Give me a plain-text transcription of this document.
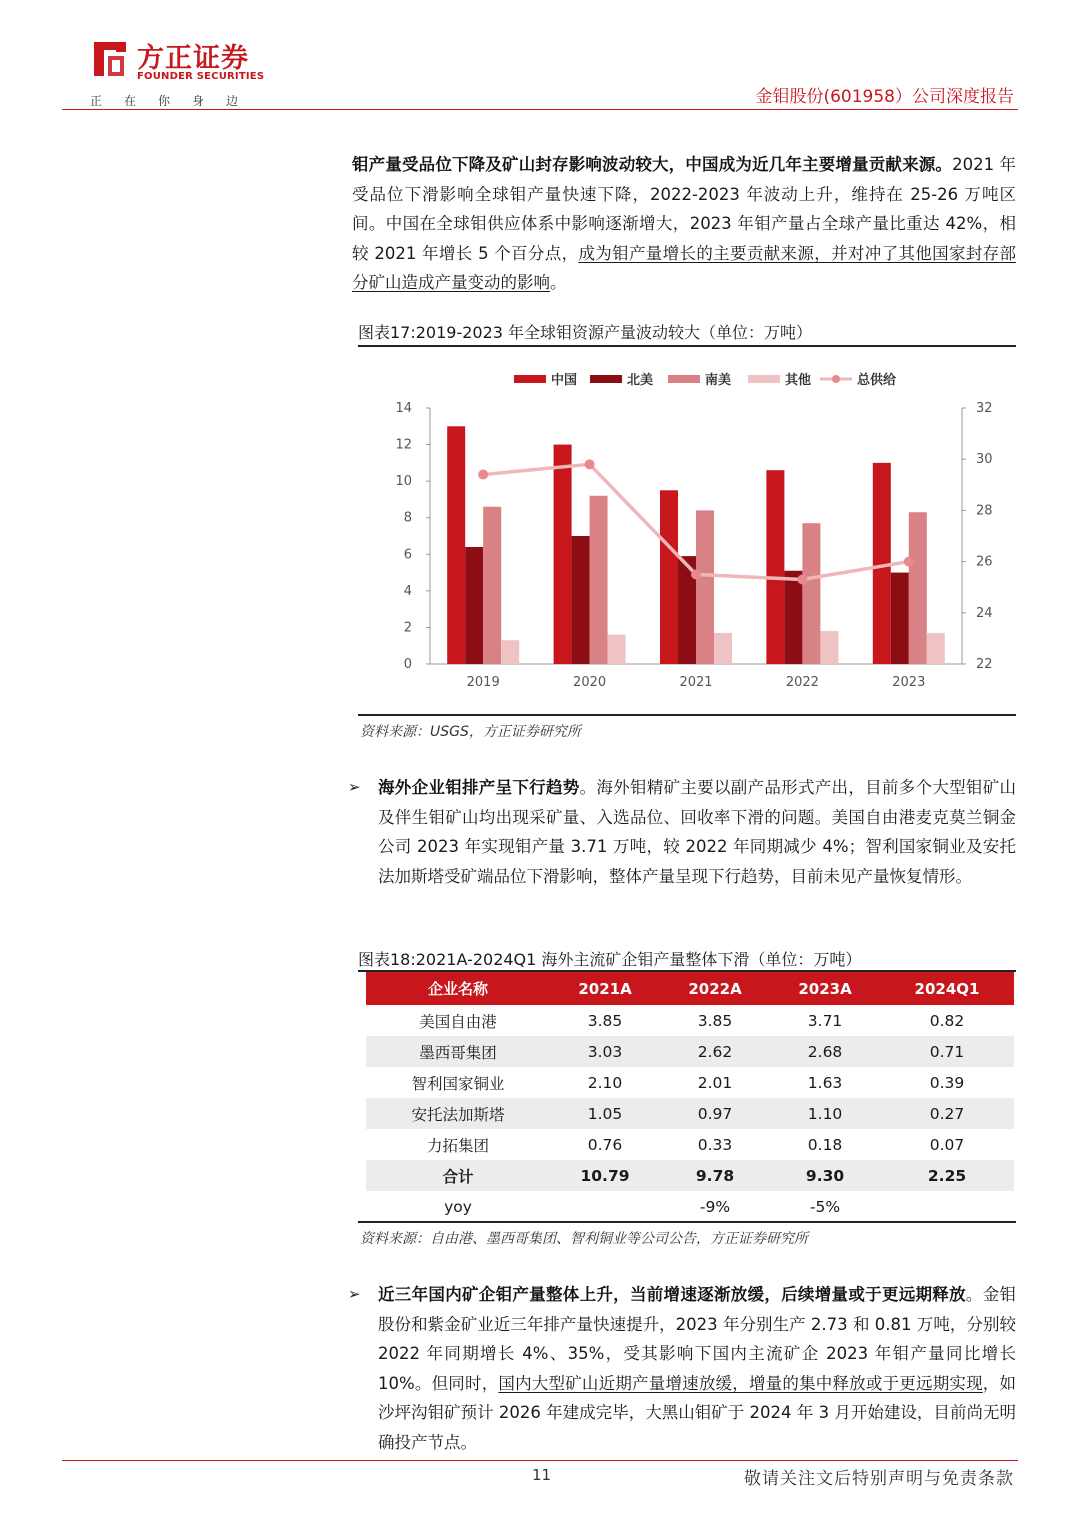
方正证券
FOUNDER SECURITIES
正在你身边	金钼股份(601958）公司深度报告
钼产量受品位下降及矿山封存影响波动较大，中国成为近几年主要增量贡献来源。2021 年受品位下滑影响全球钼产量快速下降，2022-2023 年波动上升，维持在 25-26 万吨区间。中国在全球钼供应体系中影响逐渐增大，2023 年钼产量占全球产量比重达 42%，相较 2021 年增长 5 个百分点，成为钼产量增长的主要贡献来源，并对冲了其他国家封存部分矿山造成产量变动的影响。
图表17:2019-2023 年全球钼资源产量波动较大（单位：万吨）
中国	北美	南美	其他	总供给
0
2
4
6
8
10
12
14
22
24
26
28
30
32
2019	2020	2021	2022	2023
资料来源：USGS，方正证券研究所
➢ 海外企业钼排产呈下行趋势。海外钼精矿主要以副产品形式产出，目前多个大型钼矿山及伴生钼矿山均出现采矿量、入选品位、回收率下滑的问题。美国自由港麦克莫兰铜金公司 2023 年实现钼产量 3.71 万吨，较 2022 年同期减少 4%；智利国家铜业及安托法加斯塔受矿端品位下滑影响，整体产量呈现下行趋势，目前未见产量恢复情形。
图表18:2021A-2024Q1 海外主流矿企钼产量整体下滑（单位：万吨）
企业名称	2021A	2022A	2023A	2024Q1
美国自由港	3.85	3.85	3.71	0.82
墨西哥集团	3.03	2.62	2.68	0.71
智利国家铜业	2.10	2.01	1.63	0.39
安托法加斯塔	1.05	0.97	1.10	0.27
力拓集团	0.76	0.33	0.18	0.07
合计	10.79	9.78	9.30	2.25
yoy		-9%	-5%	
资料来源：自由港、墨西哥集团、智利铜业等公司公告，方正证券研究所
➢ 近三年国内矿企钼产量整体上升，当前增速逐渐放缓，后续增量或于更远期释放。金钼股份和紫金矿业近三年排产量快速提升，2023 年分别生产 2.73 和 0.81 万吨，分别较 2022 年同期增长 4%、35%，受其影响下国内主流矿企 2023 年钼产量同比增长 10%。但同时，国内大型矿山近期产量增速放缓，增量的集中释放或于更远期实现，如沙坪沟钼矿预计 2026 年建成完毕，大黑山钼矿于 2024 年 3 月开始建设，目前尚无明确投产节点。
11	敬请关注文后特别声明与免责条款
